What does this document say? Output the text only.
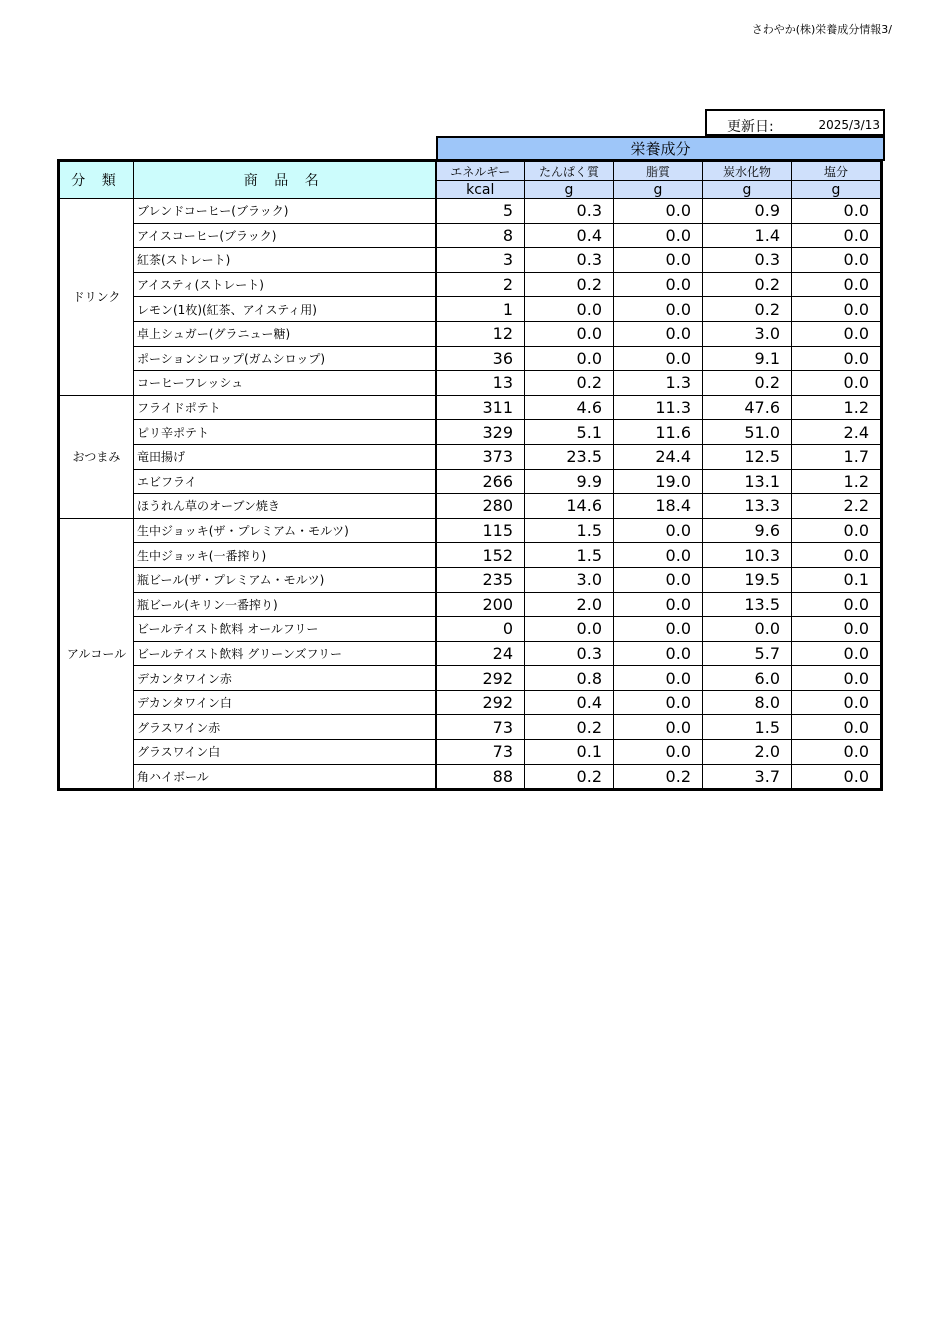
さわやか(株)栄養成分情報3/
更新日:	2025/3/13
栄養成分
分 類	商 品 名	エネルギー	たんぱく質	脂質	炭水化物	塩分
		kcal	g	g	g	g
ドリンク	ブレンドコーヒー(ブラック)	5	0.3	0.0	0.9	0.0
	アイスコーヒー(ブラック)	8	0.4	0.0	1.4	0.0
	紅茶(ストレート)	3	0.3	0.0	0.3	0.0
	アイスティ(ストレート)	2	0.2	0.0	0.2	0.0
	レモン(1枚)(紅茶、アイスティ用)	1	0.0	0.0	0.2	0.0
	卓上シュガー(グラニュー糖)	12	0.0	0.0	3.0	0.0
	ポーションシロップ(ガムシロップ)	36	0.0	0.0	9.1	0.0
	コーヒーフレッシュ	13	0.2	1.3	0.2	0.0
おつまみ	フライドポテト	311	4.6	11.3	47.6	1.2
	ピリ辛ポテト	329	5.1	11.6	51.0	2.4
	竜田揚げ	373	23.5	24.4	12.5	1.7
	エビフライ	266	9.9	19.0	13.1	1.2
	ほうれん草のオーブン焼き	280	14.6	18.4	13.3	2.2
アルコール	生中ジョッキ(ザ・プレミアム・モルツ)	115	1.5	0.0	9.6	0.0
	生中ジョッキ(一番搾り)	152	1.5	0.0	10.3	0.0
	瓶ビール(ザ・プレミアム・モルツ)	235	3.0	0.0	19.5	0.1
	瓶ビール(キリン一番搾り)	200	2.0	0.0	13.5	0.0
	ビールテイスト飲料 オールフリー	0	0.0	0.0	0.0	0.0
	ビールテイスト飲料 グリーンズフリー	24	0.3	0.0	5.7	0.0
	デカンタワイン赤	292	0.8	0.0	6.0	0.0
	デカンタワイン白	292	0.4	0.0	8.0	0.0
	グラスワイン赤	73	0.2	0.0	1.5	0.0
	グラスワイン白	73	0.1	0.0	2.0	0.0
	角ハイボール	88	0.2	0.2	3.7	0.0
